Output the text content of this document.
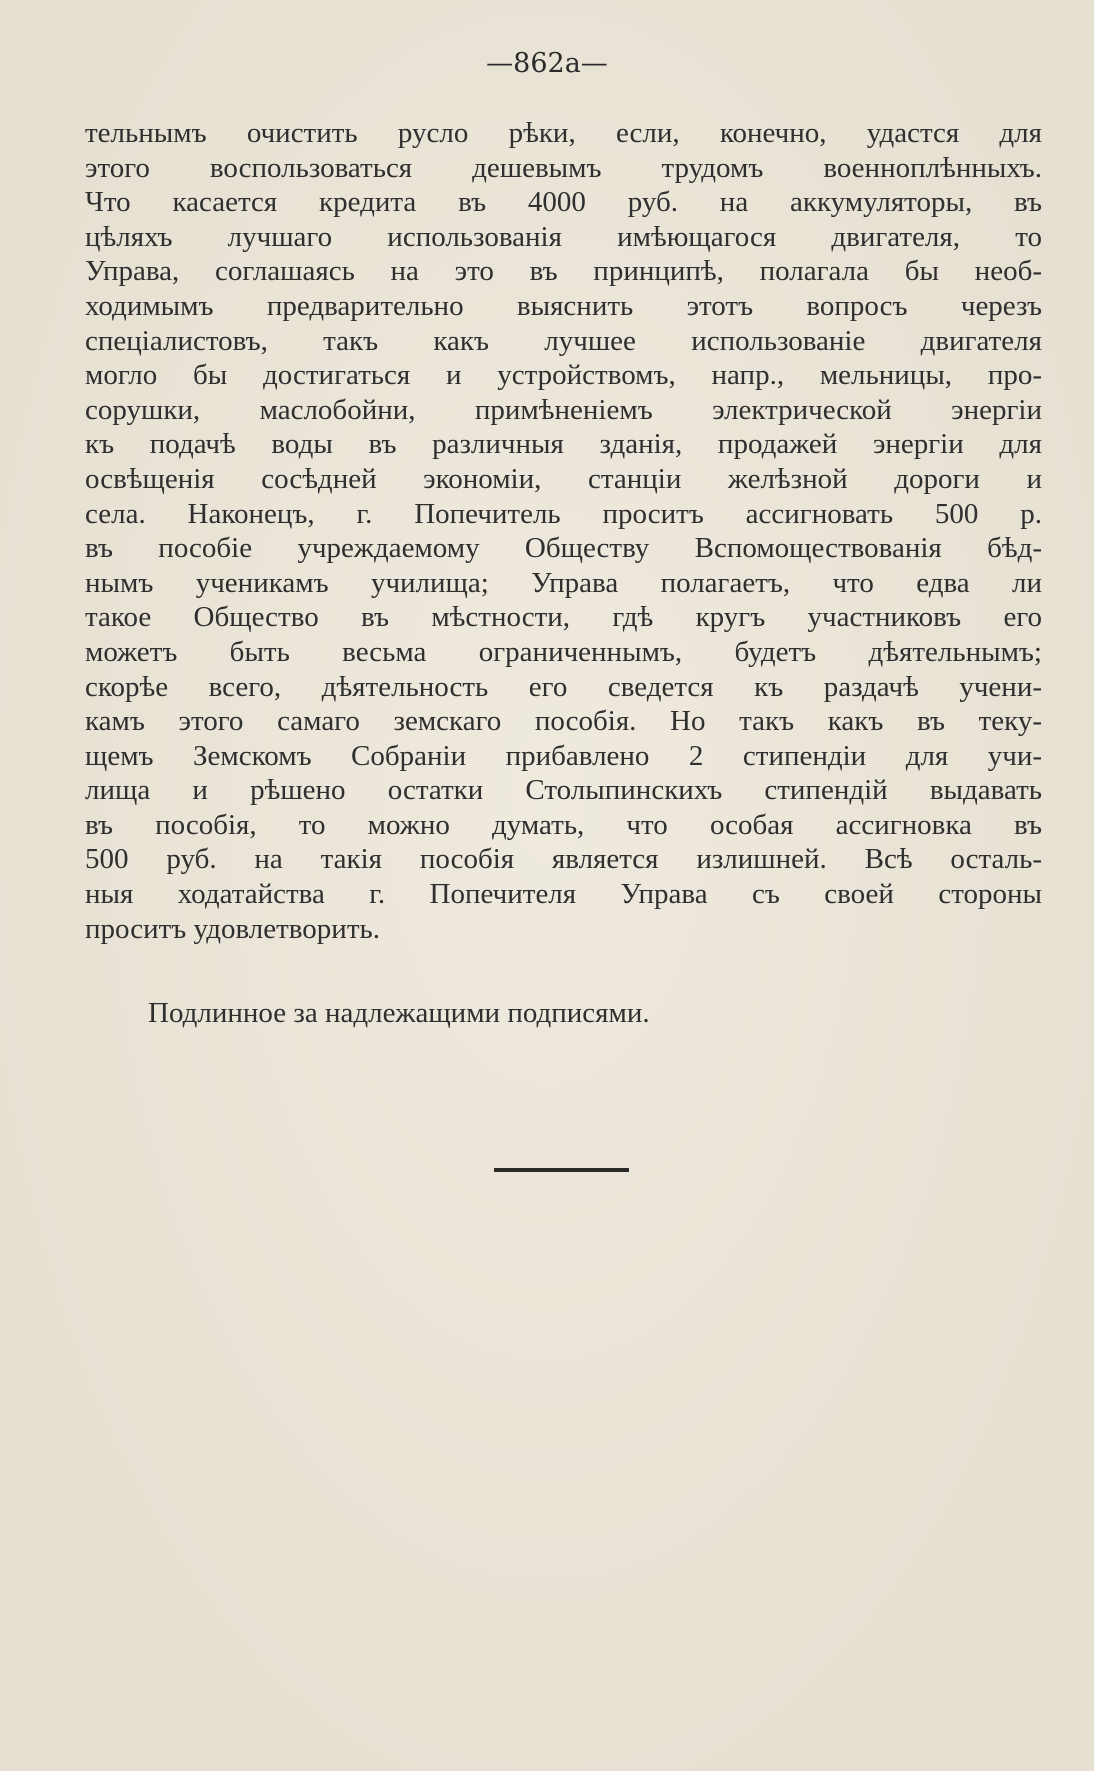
—862a—
тельнымъ очистить русло рѣки, если, конечно, удастся для
этого воспользоваться дешевымъ трудомъ военноплѣнныхъ.
Что касается кредита въ 4000 руб. на аккумуляторы, въ
цѣляхъ лучшаго использованія имѣющагося двигателя, то
Управа, соглашаясь на это въ принципѣ, полагала бы необ-
ходимымъ предварительно выяснить этотъ вопросъ черезъ
спеціалистовъ, такъ какъ лучшее использованіе двигателя
могло бы достигаться и устройствомъ, напр., мельницы, про-
сорушки, маслобойни, примѣненіемъ электрической энергіи
къ подачѣ воды въ различныя зданія, продажей энергіи для
освѣщенія сосѣдней экономіи, станціи желѣзной дороги и
села. Наконецъ, г. Попечитель проситъ ассигновать 500 р.
въ пособіе учреждаемому Обществу Вспомоществованія бѣд-
нымъ ученикамъ училища; Управа полагаетъ, что едва ли
такое Общество въ мѣстности, гдѣ кругъ участниковъ его
можетъ быть весьма ограниченнымъ, будетъ дѣятельнымъ;
скорѣе всего, дѣятельность его сведется къ раздачѣ учени-
камъ этого самаго земскаго пособія. Но такъ какъ въ теку-
щемъ Земскомъ Собраніи прибавлено 2 стипендіи для учи-
лища и рѣшено остатки Столыпинскихъ стипендій выдавать
въ пособія, то можно думать, что особая ассигновка въ
500 руб. на такія пособія является излишней. Всѣ осталь-
ныя ходатайства г. Попечителя Управа съ своей стороны
проситъ удовлетворить.
Подлинное за надлежащими подписями.
